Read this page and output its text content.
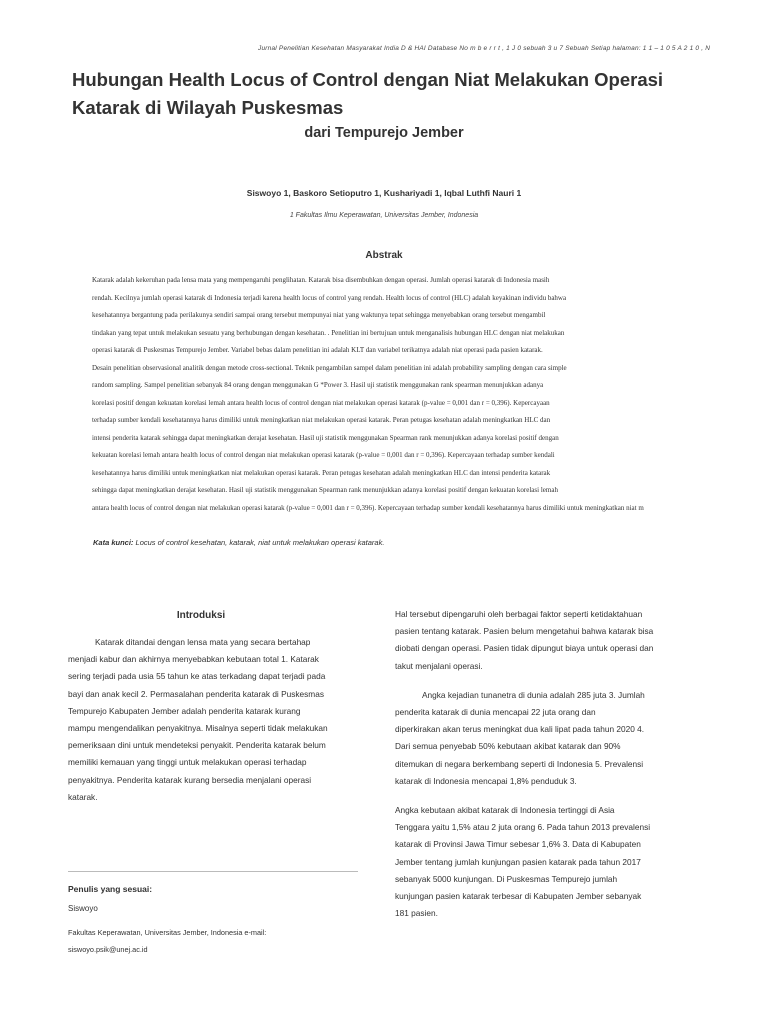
Jurnal Penelitian Kesehatan Masyarakat India D & HAI Database No m b e r r t , 1 J 0 sebuah 3 u 7 Sebuah Setiap halaman: 1 1 – 1 0 5 A 2 1 0 , N
Hubungan Health Locus of Control dengan Niat Melakukan Operasi
Katarak di Wilayah Puskesmas
dari Tempurejo Jember
Siswoyo 1, Baskoro Setioputro 1, Kushariyadi 1, Iqbal Luthfi Nauri 1
1 Fakultas Ilmu Keperawatan, Universitas Jember, Indonesia
Abstrak
Katarak adalah kekeruhan pada lensa mata yang mempengaruhi penglihatan. Katarak bisa disembuhkan dengan operasi. Jumlah operasi katarak di Indonesia masih
rendah. Kecilnya jumlah operasi katarak di Indonesia terjadi karena health locus of control yang rendah. Health locus of control (HLC) adalah keyakinan individu bahwa
kesehatannya bergantung pada perilakunya sendiri sampai orang tersebut mempunyai niat yang waktunya tepat sehingga menyebabkan orang tersebut mengambil
tindakan yang tepat untuk melakukan sesuatu yang berhubungan dengan kesehatan. . Penelitian ini bertujuan untuk menganalisis hubungan HLC dengan niat melakukan
operasi katarak di Puskesmas Tempurejo Jember. Variabel bebas dalam penelitian ini adalah KLT dan variabel terikatnya adalah niat operasi pada pasien katarak.
Desain penelitian observasional analitik dengan metode cross-sectional. Teknik pengambilan sampel dalam penelitian ini adalah probability sampling dengan cara simple
random sampling. Sampel penelitian sebanyak 84 orang dengan menggunakan G *Power 3. Hasil uji statistik menggunakan rank spearman menunjukkan adanya
korelasi positif dengan kekuatan korelasi lemah antara health locus of control dengan niat melakukan operasi katarak (p-value = 0,001 dan r = 0,396). Kepercayaan
terhadap sumber kendali kesehatannya harus dimiliki untuk meningkatkan niat melakukan operasi katarak. Peran petugas kesehatan adalah meningkatkan HLC dan
intensi penderita katarak sehingga dapat meningkatkan derajat kesehatan. Hasil uji statistik menggunakan Spearman rank menunjukkan adanya korelasi positif dengan
kekuatan korelasi lemah antara health locus of control dengan niat melakukan operasi katarak (p-value = 0,001 dan r = 0,396). Kepercayaan terhadap sumber kendali
kesehatannya harus dimiliki untuk meningkatkan niat melakukan operasi katarak. Peran petugas kesehatan adalah meningkatkan HLC dan intensi penderita katarak
sehingga dapat meningkatkan derajat kesehatan. Hasil uji statistik menggunakan Spearman rank menunjukkan adanya korelasi positif dengan kekuatan korelasi lemah
antara health locus of control dengan niat melakukan operasi katarak (p-value = 0,001 dan r = 0,396). Kepercayaan terhadap sumber kendali kesehatannya harus dimiliki untuk meningkatkan niat m
Kata kunci: Locus of control kesehatan, katarak, niat untuk melakukan operasi katarak.
Introduksi
Katarak ditandai dengan lensa mata yang secara bertahap
menjadi kabur dan akhirnya menyebabkan kebutaan total 1. Katarak
sering terjadi pada usia 55 tahun ke atas terkadang dapat terjadi pada
bayi dan anak kecil 2. Permasalahan penderita katarak di Puskesmas
Tempurejo Kabupaten Jember adalah penderita katarak kurang
mampu mengendalikan penyakitnya. Misalnya seperti tidak melakukan
pemeriksaan dini untuk mendeteksi penyakit. Penderita katarak belum
memiliki kemauan yang tinggi untuk melakukan operasi terhadap
penyakitnya. Penderita katarak kurang bersedia menjalani operasi
katarak.
Hal tersebut dipengaruhi oleh berbagai faktor seperti ketidaktahuan
pasien tentang katarak. Pasien belum mengetahui bahwa katarak bisa
diobati dengan operasi. Pasien tidak dipungut biaya untuk operasi dan
takut menjalani operasi.
Angka kejadian tunanetra di dunia adalah 285 juta 3. Jumlah
penderita katarak di dunia mencapai 22 juta orang dan
diperkirakan akan terus meningkat dua kali lipat pada tahun 2020 4.
Dari semua penyebab 50% kebutaan akibat katarak dan 90%
ditemukan di negara berkembang seperti di Indonesia 5. Prevalensi
katarak di Indonesia mencapai 1,8% penduduk 3.
Angka kebutaan akibat katarak di Indonesia tertinggi di Asia
Tenggara yaitu 1,5% atau 2 juta orang 6. Pada tahun 2013 prevalensi
katarak di Provinsi Jawa Timur sebesar 1,6% 3. Data di Kabupaten
Jember tentang jumlah kunjungan pasien katarak pada tahun 2017
sebanyak 5000 kunjungan. Di Puskesmas Tempurejo jumlah
kunjungan pasien katarak terbesar di Kabupaten Jember sebanyak
181 pasien.
Penulis yang sesuai:
Siswoyo
Fakultas Keperawatan, Universitas Jember, Indonesia e-mail:
siswoyo.psik@unej.ac.id
